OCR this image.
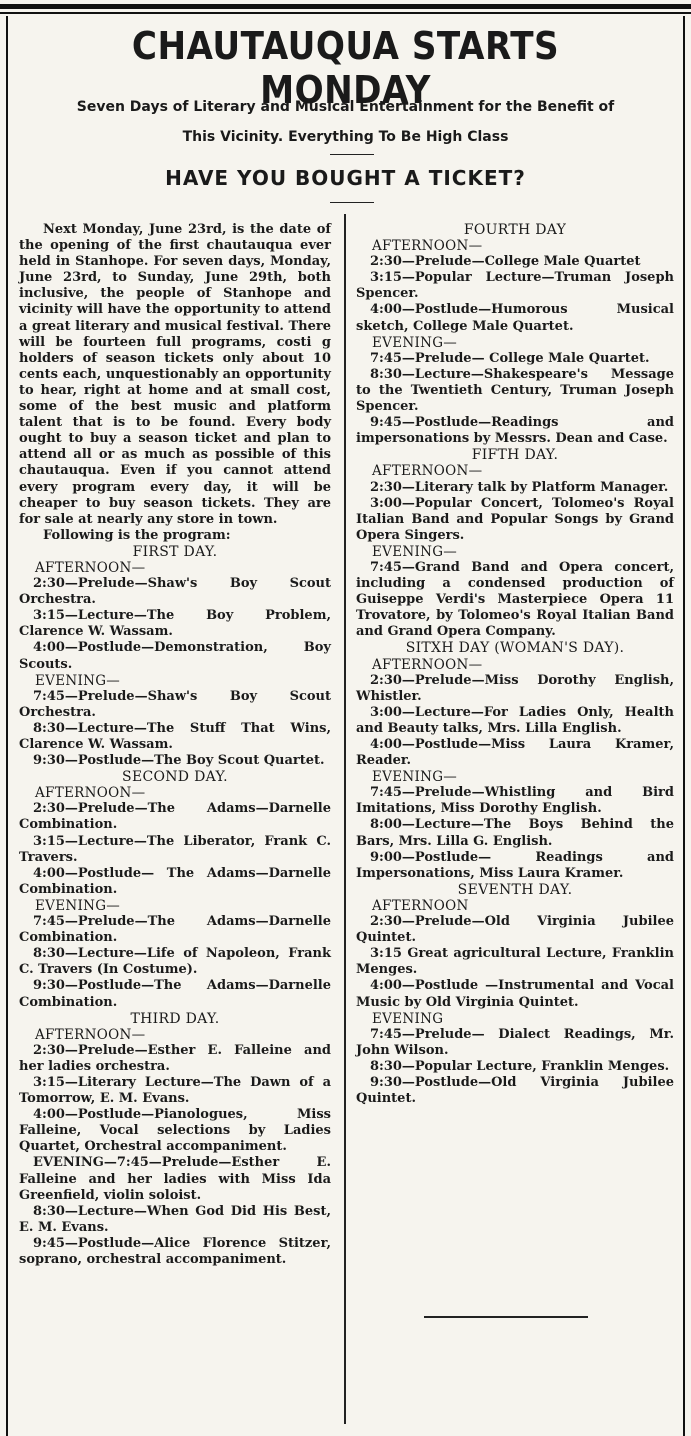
CHAUTAUQUA STARTS MONDAY
Seven Days of Literary and Musical Entertainment for the Benefit of
This Vicinity. Everything To Be High Class
HAVE YOU BOUGHT A TICKET?

Next Monday, June 23rd, is the date of the opening of the first chautauqua ever held in Stanhope. For seven days, Monday, June 23rd, to Sunday, June 29th, both inclusive, the people of Stanhope and vicinity will have the opportunity to attend a great literary and musical festival. There will be fourteen full programs, costi g holders of season tickets only about 10 cents each, unquestionably an opportunity to hear, right at home and at small cost, some of the best music and platform talent that is to be found. Every body ought to buy a season ticket and plan to attend all or as much as possible of this chautauqua. Even if you cannot attend every program every day, it will be cheaper to buy season tickets. They are for sale at nearly any store in town.

Following is the program:

FIRST DAY.
AFTERNOON—

2:30—Prelude—Shaw's Boy Scout Orchestra.

3:15—Lecture—The Boy Problem, Clarence W. Wassam.

4:00—Postlude—Demonstration, Boy Scouts.

EVENING—

7:45—Prelude—Shaw's Boy Scout Orchestra.

8:30—Lecture—The Stuff That Wins, Clarence W. Wassam.

9:30—Postlude—The Boy Scout Quartet.

SECOND DAY.
AFTERNOON—

2:30—Prelude—The Adams—Darnelle Combination.

3:15—Lecture—The Liberator, Frank C. Travers.

4:00—Postlude— The Adams—Darnelle Combination.

EVENING—

7:45—Prelude—The Adams—Darnelle Combination.

8:30—Lecture—Life of Napoleon, Frank C. Travers (In Costume).

9:30—Postlude—The Adams—Darnelle Combination.

THIRD DAY.
AFTERNOON—

2:30—Prelude—Esther E. Falleine and her ladies orchestra.

3:15—Literary Lecture—The Dawn of a Tomorrow, E. M. Evans.

4:00—Postlude—Pianologues, Miss Falleine, Vocal selections by Ladies Quartet, Orchestral accompaniment.

EVENING—7:45—Prelude—Esther E. Falleine and her ladies with Miss Ida Greenfield, violin soloist.

8:30—Lecture—When God Did His Best, E. M. Evans.

9:45—Postlude—Alice Florence Stitzer, soprano, orchestral accompaniment.

FOURTH DAY
AFTERNOON—

2:30—Prelude—College Male Quartet

3:15—Popular Lecture—Truman Joseph Spencer.

4:00—Postlude—Humorous Musical sketch, College Male Quartet.

EVENING—

7:45—Prelude— College Male Quartet.

8:30—Lecture—Shakespeare's Message to the Twentieth Century, Truman Joseph Spencer.

9:45—Postlude—Readings and impersonations by Messrs. Dean and Case.

FIFTH DAY.
AFTERNOON—

2:30—Literary talk by Platform Manager.

3:00—Popular Concert, Tolomeo's Royal Italian Band and Popular Songs by Grand Opera Singers.

EVENING—

7:45—Grand Band and Opera concert, including a condensed production of Guiseppe Verdi's Masterpiece Opera 11 Trovatore, by Tolomeo's Royal Italian Band and Grand Opera Company.

SITXH DAY (WOMAN'S DAY).
AFTERNOON—

2:30—Prelude—Miss Dorothy English, Whistler.

3:00—Lecture—For Ladies Only, Health and Beauty talks, Mrs. Lilla English.

4:00—Postlude—Miss Laura Kramer, Reader.

EVENING—

7:45—Prelude—Whistling and Bird Imitations, Miss Dorothy English.

8:00—Lecture—The Boys Behind the Bars, Mrs. Lilla G. English.

9:00—Postlude— Readings and Impersonations, Miss Laura Kramer.

SEVENTH DAY.
AFTERNOON

2:30—Prelude—Old Virginia Jubilee Quintet.

3:15 Great agricultural Lecture, Franklin Menges.

4:00—Postlude —Instrumental and Vocal Music by Old Virginia Quintet.

EVENING

7:45—Prelude— Dialect Readings, Mr. John Wilson.

8:30—Popular Lecture, Franklin Menges.

9:30—Postlude—Old Virginia Jubilee Quintet.
